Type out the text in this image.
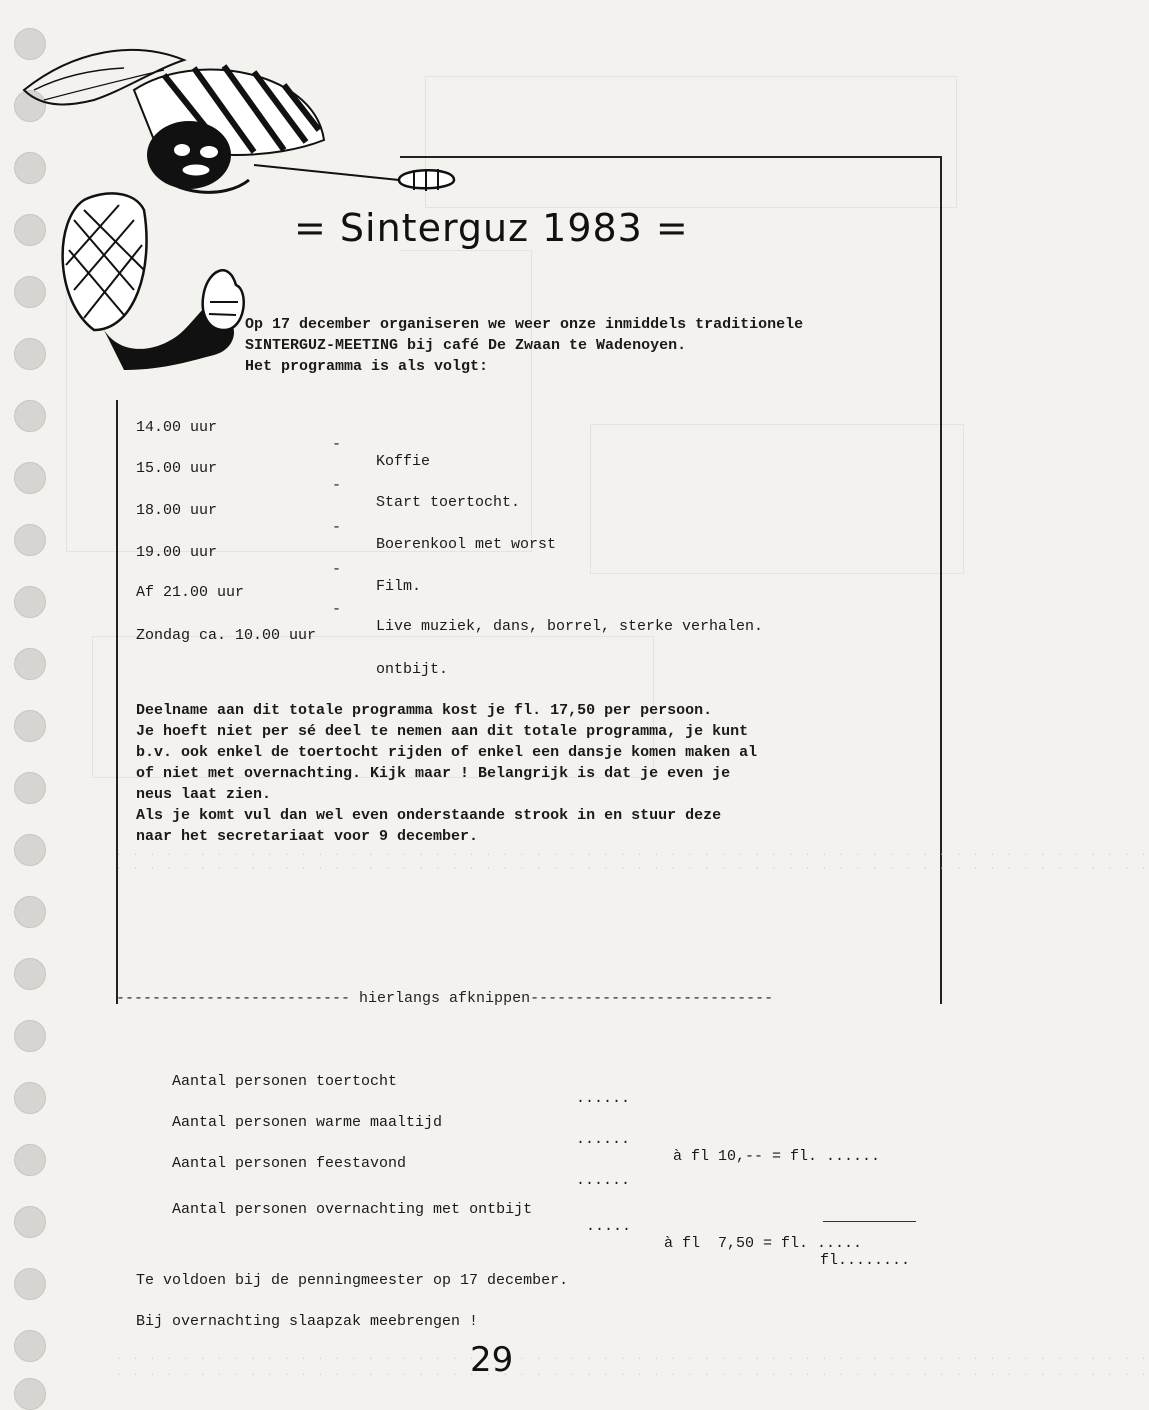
= Sinterguz 1983 =
Op 17 december organiseren we weer onze inmiddels traditionele
SINTERGUZ-MEETING bij café De Zwaan te Wadenoyen.
Het programma is als volgt:

14.00 uur

-

Koffie

15.00 uur

-

Start toertocht.

18.00 uur

-

Boerenkool met worst

19.00 uur

-

Film.

Af 21.00 uur

-

Live muziek, dans, borrel, sterke verhalen.

Zondag ca. 10.00 uur

ontbijt.

Deelname aan dit totale programma kost je fl. 17,50 per persoon.
Je hoeft niet per sé deel te nemen aan dit totale programma, je kunt
b.v. ook enkel de toertocht rijden of enkel een dansje komen maken al
of niet met overnachting. Kijk maar ! Belangrijk is dat je even je
neus laat zien.
Als je komt vul dan wel even onderstaande strook in en stuur deze
naar het secretariaat voor 9 december.
. . . . . . . . . . . . . . . . . . . . . . . . . . . . . . . . . . . . . . . . . . . . . . . . . . . . . . . . . . . . . .
. . . . . . . . . . . . . . . . . . . . . . . . . . . . . . . . . . . . . . . . . . . . . . . . . . . . . . . . . . . . . .
-------------------------- hierlangs afknippen---------------------------

Aantal personen toertocht

......

Aantal personen warme maaltijd

......

à fl 10,-- = fl. ......

Aantal personen feestavond

......

Aantal personen overnachting met ontbijt

.....

à fl  7,50 = fl. .....

fl........
Te voldoen bij de penningmeester op 17 december.
Bij overnachting slaapzak meebrengen !
. . . . . . . . . . . . . . . . . . . . . . . . . . . . . . . . . . . . . . . . . . . . . . . . . . . . . . . . . . . . . .
. . . . . . . . . . . . . . . . . . . . . . . . . . . . . . . . . . . . . . . . . . . . . . . . . . . . . . . . . . . . . .
29
